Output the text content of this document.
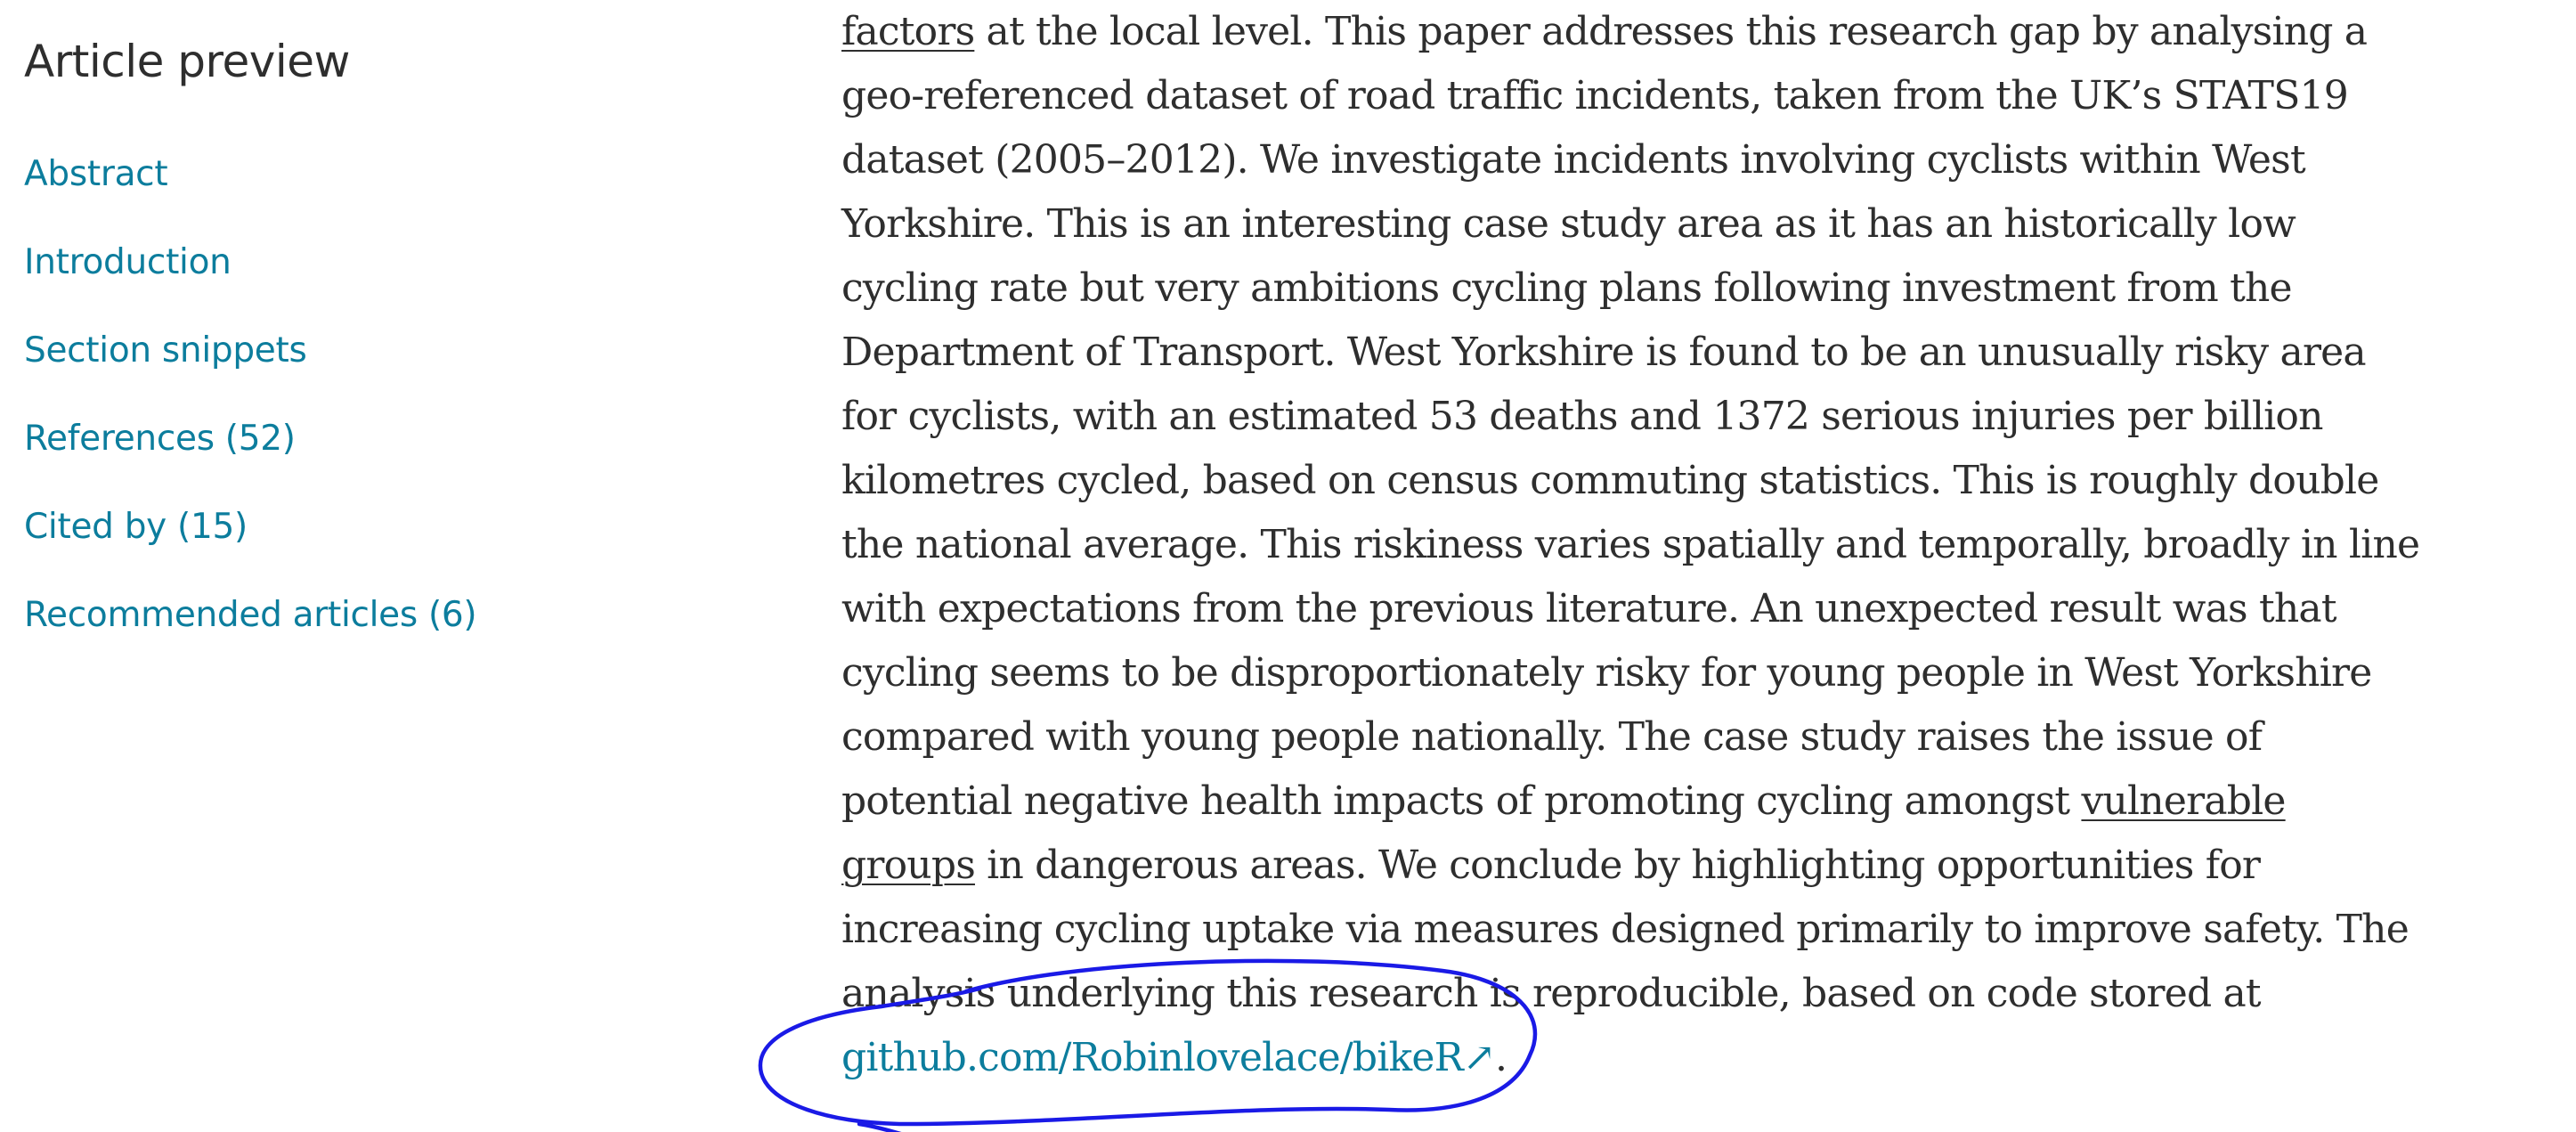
Article preview
Abstract
Introduction
Section snippets
References (52)
Cited by (15)
Recommended articles (6)

factors at the local level. This paper addresses this research gap by analysing a
geo-referenced dataset of road traffic incidents, taken from the UK’s STATS19
dataset (2005–2012). We investigate incidents involving cyclists within West
Yorkshire. This is an interesting case study area as it has an historically low
cycling rate but very ambitions cycling plans following investment from the
Department of Transport. West Yorkshire is found to be an unusually risky area
for cyclists, with an estimated 53 deaths and 1372 serious injuries per billion
kilometres cycled, based on census commuting statistics. This is roughly double
the national average. This riskiness varies spatially and temporally, broadly in line
with expectations from the previous literature. An unexpected result was that
cycling seems to be disproportionately risky for young people in West Yorkshire
compared with young people nationally. The case study raises the issue of
potential negative health impacts of promoting cycling amongst vulnerable
groups in dangerous areas. We conclude by highlighting opportunities for
increasing cycling uptake via measures designed primarily to improve safety. The
analysis underlying this research is reproducible, based on code stored at
github.com/Robinlovelace/bikeR↗.
